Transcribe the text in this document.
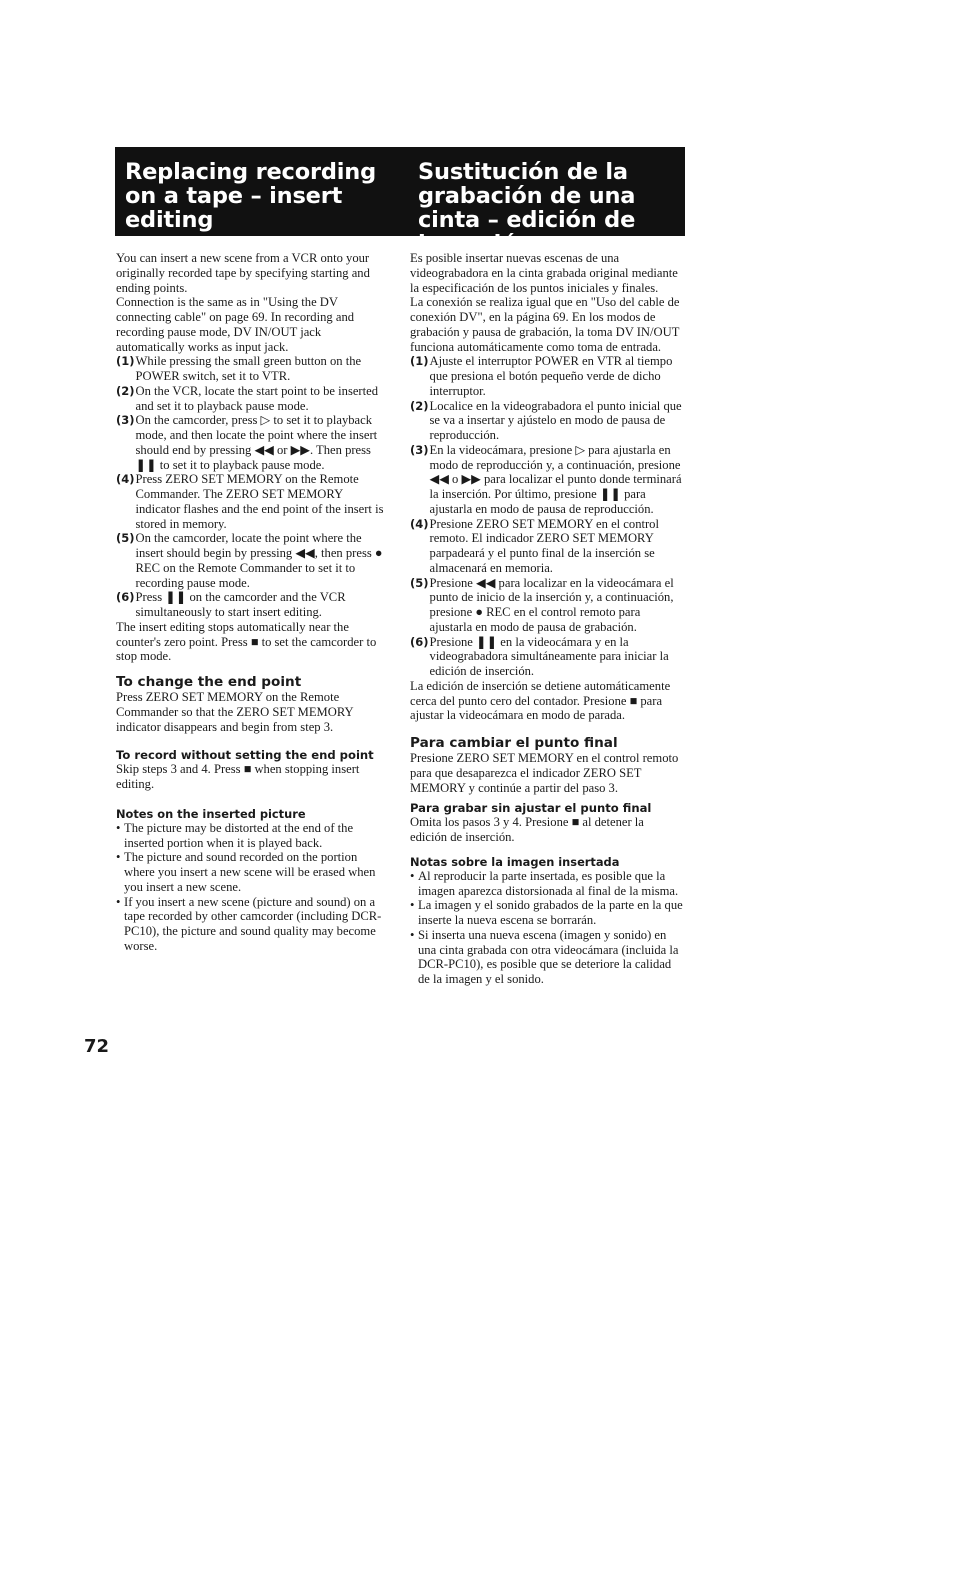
Replacing recording on a tape – insert editing
Sustitución de la grabación de una cinta – edición de inserción

You can insert a new scene from a VCR onto your originally recorded tape by specifying starting and ending points.

Connection is the same as in "Using the DV connecting cable" on page 69. In recording and recording pause mode, DV IN/OUT jack automatically works as input jack.

(1) While pressing the small green button on the POWER switch, set it to VTR.
(2) On the VCR, locate the start point to be inserted and set it to playback pause mode.
(3) On the camcorder, press ▷ to set it to playback mode, and then locate the point where the insert should end by pressing ◀◀ or ▶▶. Then press ❚❚ to set it to playback pause mode.
(4) Press ZERO SET MEMORY on the Remote Commander. The ZERO SET MEMORY indicator flashes and the end point of the insert is stored in memory.
(5) On the camcorder, locate the point where the insert should begin by pressing ◀◀, then press ● REC on the Remote Commander to set it to recording pause mode.
(6) Press ❚❚ on the camcorder and the VCR simultaneously to start insert editing.

The insert editing stops automatically near the counter's zero point. Press ■ to set the camcorder to stop mode.

To change the end point

Press ZERO SET MEMORY on the Remote Commander so that the ZERO SET MEMORY indicator disappears and begin from step 3.

To record without setting the end point

Skip steps 3 and 4. Press ■ when stopping insert editing.

Notes on the inserted picture
• The picture may be distorted at the end of the inserted portion when it is played back.
• The picture and sound recorded on the portion where you insert a new scene will be erased when you insert a new scene.
• If you insert a new scene (picture and sound) on a tape recorded by other camcorder (including DCR-PC10), the picture and sound quality may become worse.

Es posible insertar nuevas escenas de una videograbadora en la cinta grabada original mediante la especificación de los puntos iniciales y finales.

La conexión se realiza igual que en "Uso del cable de conexión DV", en la página 69. En los modos de grabación y pausa de grabación, la toma DV IN/OUT funciona automáticamente como toma de entrada.

(1) Ajuste el interruptor POWER en VTR al tiempo que presiona el botón pequeño verde de dicho interruptor.
(2) Localice en la videograbadora el punto inicial que se va a insertar y ajústelo en modo de pausa de reproducción.
(3) En la videocámara, presione ▷ para ajustarla en modo de reproducción y, a continuación, presione ◀◀ o ▶▶ para localizar el punto donde terminará la inserción. Por último, presione ❚❚ para ajustarla en modo de pausa de reproducción.
(4) Presione ZERO SET MEMORY en el control remoto. El indicador ZERO SET MEMORY parpadeará y el punto final de la inserción se almacenará en memoria.
(5) Presione ◀◀ para localizar en la videocámara el punto de inicio de la inserción y, a continuación, presione ● REC en el control remoto para ajustarla en modo de pausa de grabación.
(6) Presione ❚❚ en la videocámara y en la videograbadora simultáneamente para iniciar la edición de inserción.

La edición de inserción se detiene automáticamente cerca del punto cero del contador. Presione ■ para ajustar la videocámara en modo de parada.

Para cambiar el punto final

Presione ZERO SET MEMORY en el control remoto para que desaparezca el indicador ZERO SET MEMORY y continúe a partir del paso 3.

Para grabar sin ajustar el punto final

Omita los pasos 3 y 4. Presione ■ al detener la edición de inserción.

Notas sobre la imagen insertada
• Al reproducir la parte insertada, es posible que la imagen aparezca distorsionada al final de la misma.
• La imagen y el sonido grabados de la parte en la que inserte la nueva escena se borrarán.
• Si inserta una nueva escena (imagen y sonido) en una cinta grabada con otra videocámara (incluida la DCR-PC10), es posible que se deteriore la calidad de la imagen y el sonido.
72
